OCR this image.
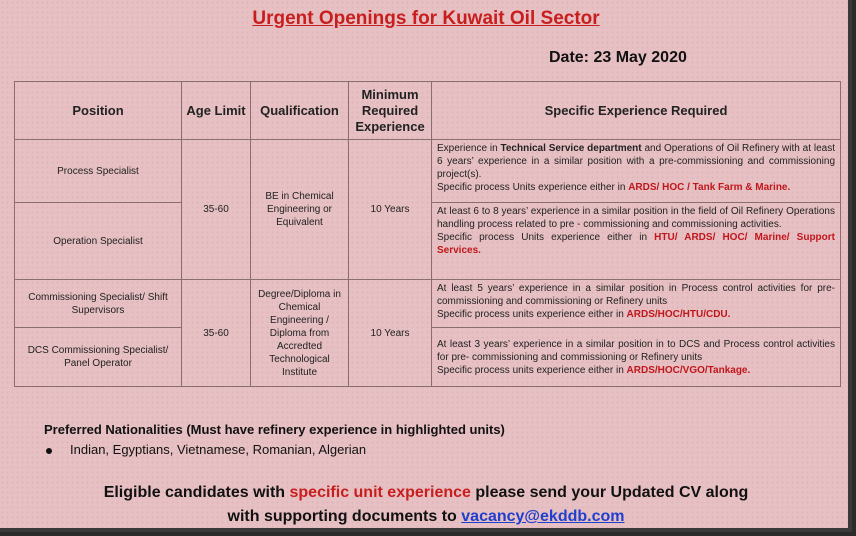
Urgent Openings for Kuwait Oil Sector
Date: 23 May 2020
Position	Age Limit	Qualification	Minimum Required Experience	Specific Experience Required
Process Specialist	35-60	BE in Chemical Engineering or Equivalent	10 Years	Experience in Technical Service department and Operations of Oil Refinery with at least 6 years’ experience in a similar position with a pre-commissioning and commissioning project(s).
Specific process Units experience either in ARDS/ HOC / Tank Farm & Marine.
Operation Specialist				At least 6 to 8 years’ experience in a similar position in the field of Oil Refinery Operations handling process related to pre - commissioning and commissioning activities.
Specific process Units experience either in HTU/ ARDS/ HOC/ Marine/ Support Services.
Commissioning Specialist/ Shift Supervisors	35-60	Degree/Diploma in Chemical Engineering / Diploma from Accredted Technological Institute	10 Years	At least 5 years’ experience in a similar position in Process control activities for pre- commissioning and commissioning or Refinery units
Specific process units experience either in ARDS/HOC/HTU/CDU.
DCS Commissioning Specialist/ Panel Operator				At least 3 years’ experience in a similar position in to DCS and Process control activities for pre- commissioning and commissioning or Refinery units
Specific process units experience either in ARDS/HOC/VGO/Tankage.
Preferred Nationalities (Must have refinery experience in highlighted units)
Indian, Egyptians, Vietnamese, Romanian, Algerian
Eligible candidates with specific unit experience please send your Updated CV along
with supporting documents to vacancy@ekddb.com
